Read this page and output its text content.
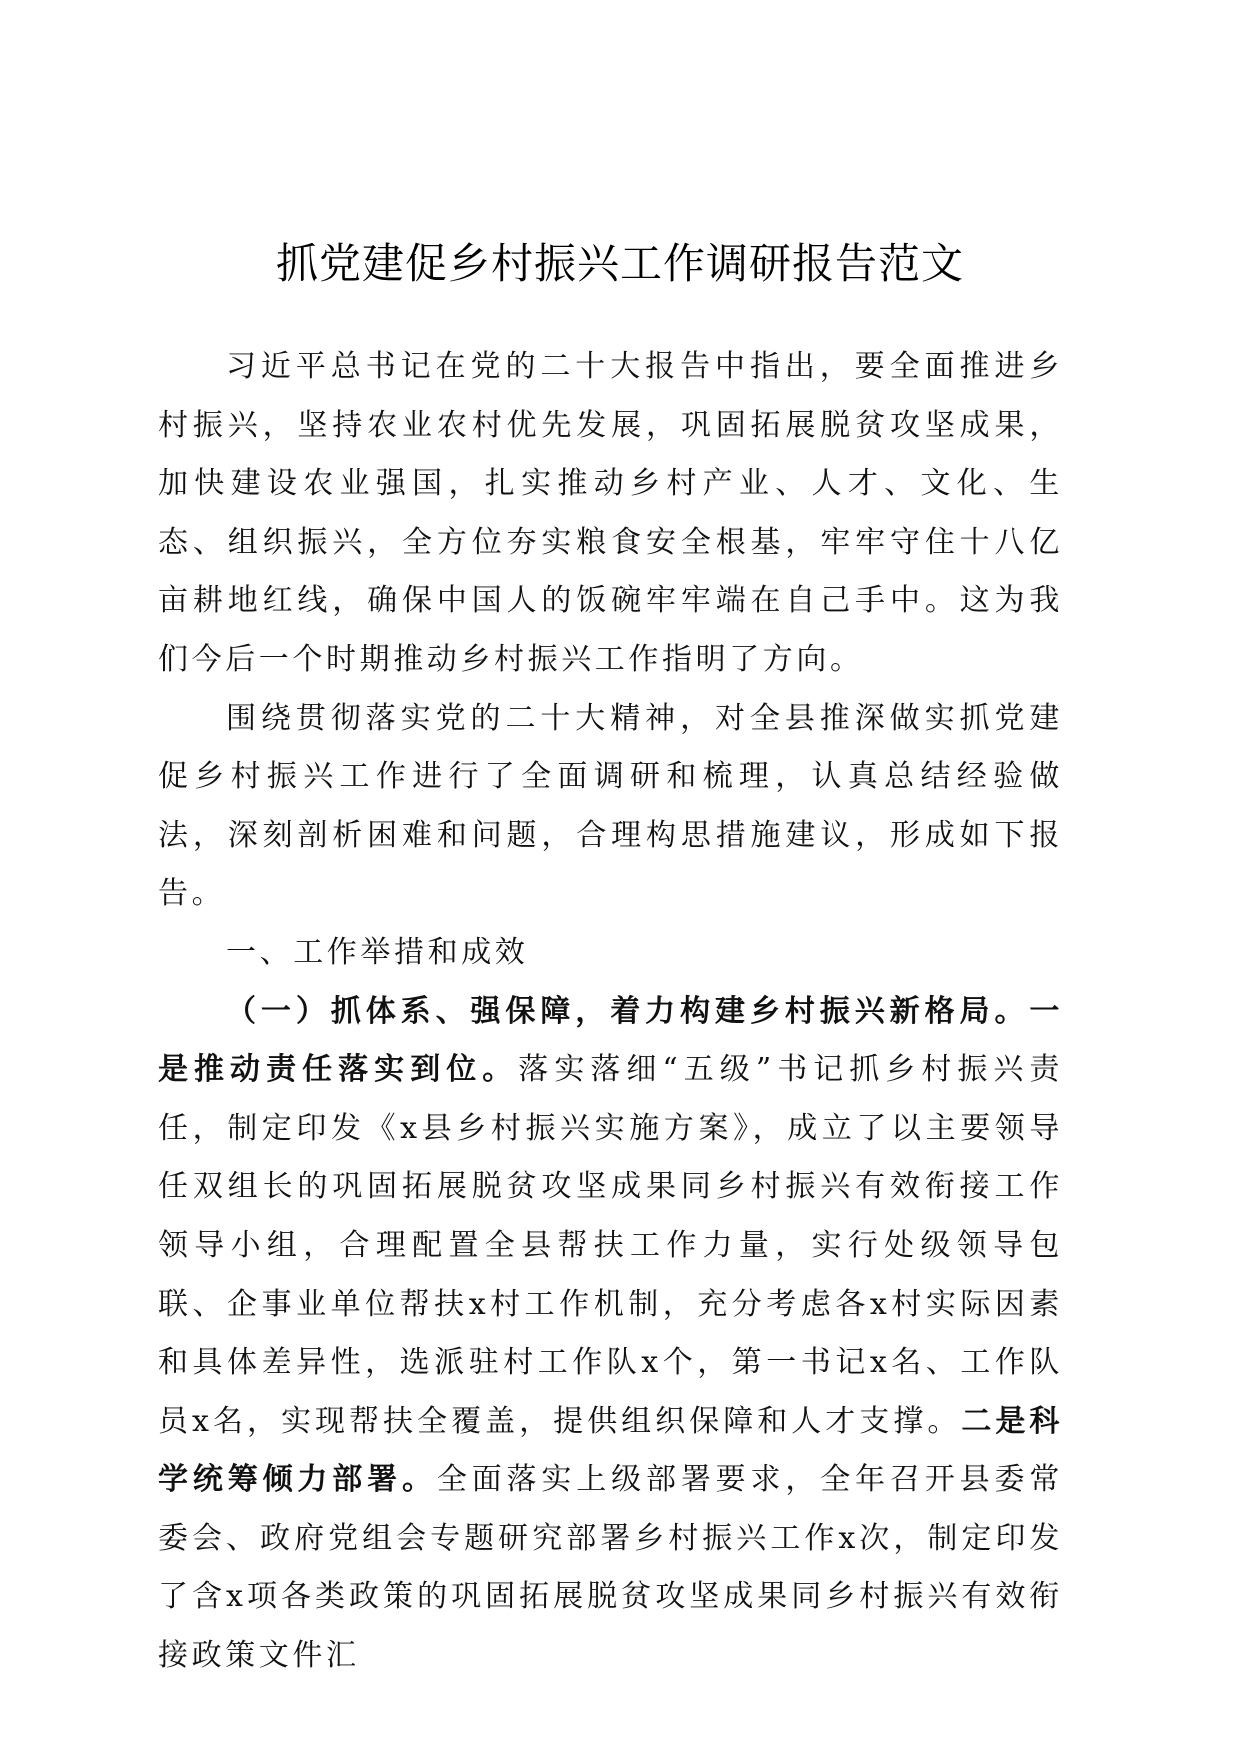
抓党建促乡村振兴工作调研报告范文

习近平总书记在党的二十大报告中指出，要全面推进乡村振兴，坚持农业农村优先发展，巩固拓展脱贫攻坚成果，加快建设农业强国，扎实推动乡村产业、人才、文化、生态、组织振兴，全方位夯实粮食安全根基，牢牢守住十八亿亩耕地红线，确保中国人的饭碗牢牢端在自己手中。这为我们今后一个时期推动乡村振兴工作指明了方向。

围绕贯彻落实党的二十大精神，对全县推深做实抓党建促乡村振兴工作进行了全面调研和梳理，认真总结经验做法，深刻剖析困难和问题，合理构思措施建议，形成如下报告。

一、工作举措和成效

（一）抓体系、强保障，着力构建乡村振兴新格局。一是推动责任落实到位。落实落细“五级”书记抓乡村振兴责任，制定印发《x县乡村振兴实施方案》，成立了以主要领导任双组长的巩固拓展脱贫攻坚成果同乡村振兴有效衔接工作领导小组，合理配置全县帮扶工作力量，实行处级领导包联、企事业单位帮扶x村工作机制，充分考虑各x村实际因素和具体差异性，选派驻村工作队x个，第一书记x名、工作队员x名，实现帮扶全覆盖，提供组织保障和人才支撑。二是科学统筹倾力部署。全面落实上级部署要求，全年召开县委常委会、政府党组会专题研究部署乡村振兴工作x次，制定印发了含x项各类政策的巩固拓展脱贫攻坚成果同乡村振兴有效衔接政策文件汇
